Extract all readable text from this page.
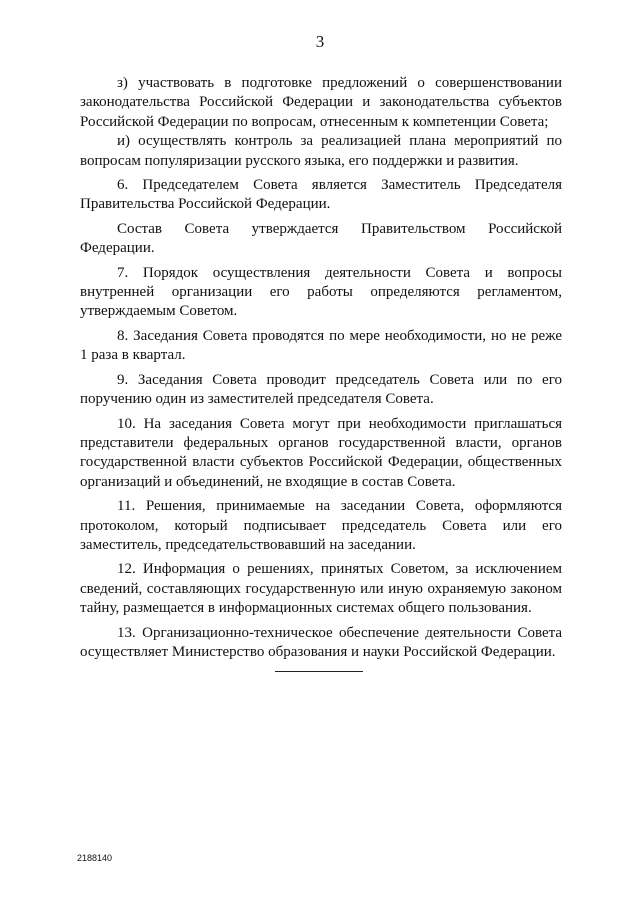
3

з) участвовать в подготовке предложений о совершенствовании законодательства Российской Федерации и законодательства субъектов Российской Федерации по вопросам, отнесенным к компетенции Совета;

и) осуществлять контроль за реализацией плана мероприятий по вопросам популяризации русского языка, его поддержки и развития.

6. Председателем Совета является Заместитель Председателя Правительства Российской Федерации.

Состав Совета утверждается Правительством Российской Федерации.

7. Порядок осуществления деятельности Совета и вопросы внутренней организации его работы определяются регламентом, утверждаемым Советом.

8. Заседания Совета проводятся по мере необходимости, но не реже 1 раза в квартал.

9. Заседания Совета проводит председатель Совета или по его поручению один из заместителей председателя Совета.

10. На заседания Совета могут при необходимости приглашаться представители федеральных органов государственной власти, органов государственной власти субъектов Российской Федерации, общественных организаций и объединений, не входящие в состав Совета.

11. Решения, принимаемые на заседании Совета, оформляются протоколом, который подписывает председатель Совета или его заместитель, председательствовавший на заседании.

12. Информация о решениях, принятых Советом, за исключением сведений, составляющих государственную или иную охраняемую законом тайну, размещается в информационных системах общего пользования.

13. Организационно-техническое обеспечение деятельности Совета осуществляет Министерство образования и науки Российской Федерации.

2188140
